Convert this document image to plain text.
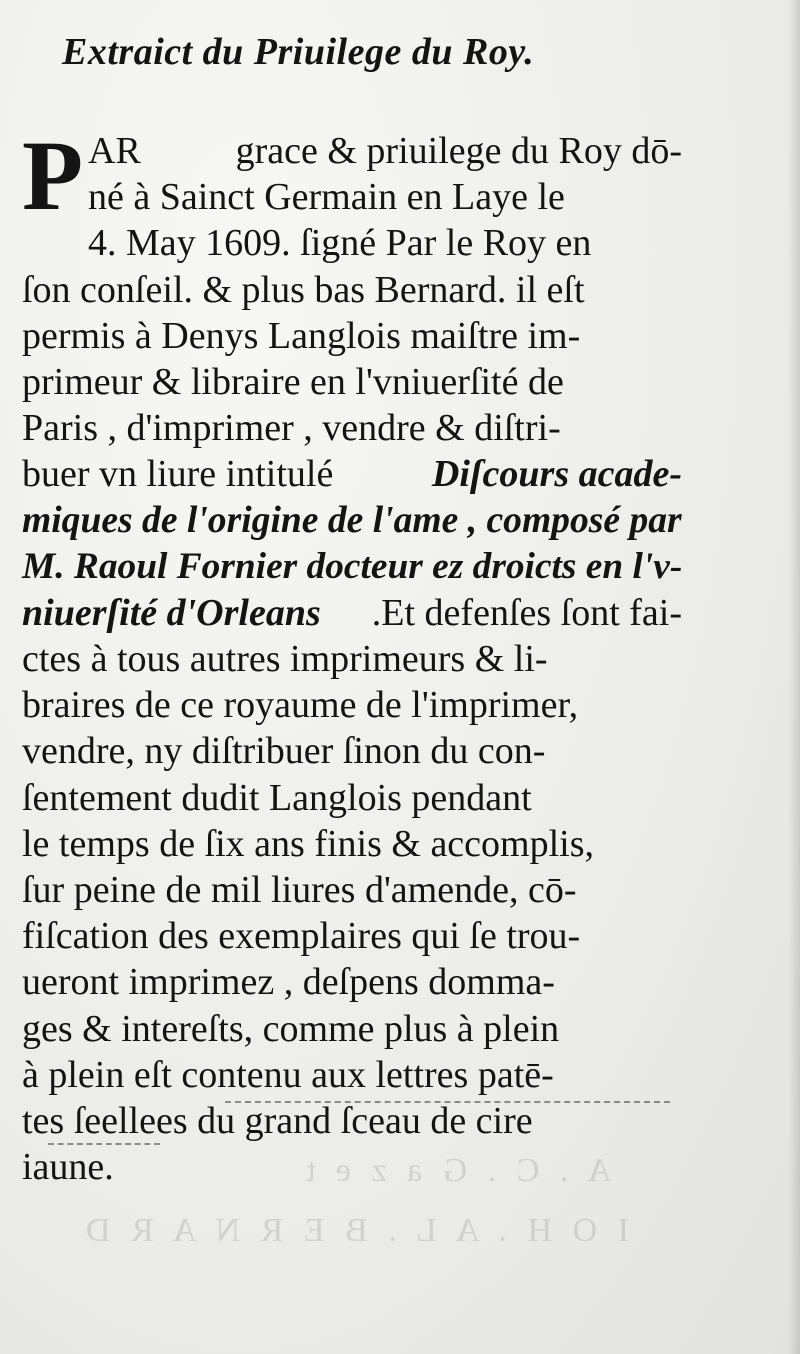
A . C . G a z e t
I O H . A L . B E R N A R D
Extraict du Priuilege du Roy.
P AR	grace & priuilege du Roy dō-
né à Sainct Germain en Laye le
4. May 1609. ſigné Par le Roy en
ſon conſeil. & plus bas Bernard. il eſt
permis à Denys Langlois maiſtre im-
primeur & libraire en l'vniuerſité de
Paris , d'imprimer , vendre & diſtri-
buer vn liure intitulé	Diſcours acade-
miques de l'origine de l'ame , composé par
M. Raoul Fornier docteur ez droicts en l'v-
niuerſité d'Orleans .Et defenſes ſont fai-
ctes à tous autres imprimeurs & li-
braires de ce royaume de l'imprimer,
vendre, ny diſtribuer ſinon du con-
ſentement dudit Langlois pendant
le temps de ſix ans finis & accomplis,
ſur peine de mil liures d'amende, cō-
fiſcation des exemplaires qui ſe trou-
ueront imprimez , deſpens dommа-
ges & intereſts, comme plus à plein
à plein eſt contenu aux lettres patē-
tes ſeellees du grand ſceau de cire
iaune.
